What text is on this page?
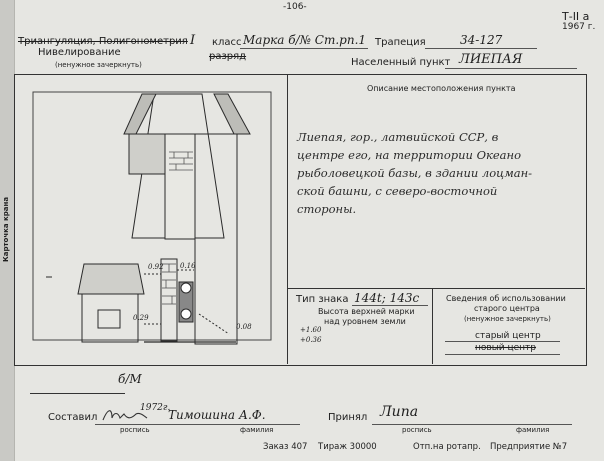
Карточка крана
-106-
Т-II а
1967 г.
Триангуляция, Полигонометрия I класс Марка б/№ Ст.рп.1 Трапеция	34-127
Нивелирование	разряд
(ненужное зачеркнуть)	Населенный пункт ЛИЕПАЯ
0.92 0.16
0.29
0.08	+1.60
+0.36
Описание местоположения пункта
Лиепая, гор., латвийской ССР, в
центре его, на территории Океано
рыболовецкой базы, в здании лоцман-
ской башни, с северо-восточной
стороны.
Тип знака 144t; 143c
Высота верхней марки
над уровнем земли
Сведения об использовании
старого центра
(ненужное зачеркнуть)
старый центр
новый центр
б/М
1972г.
Составил	Тимошина А.Ф.
роспись	фамилия
Принял Липа
роспись	фамилия
Заказ 407 Тираж 30000	Отп.на ротапр. Предприятие №7
